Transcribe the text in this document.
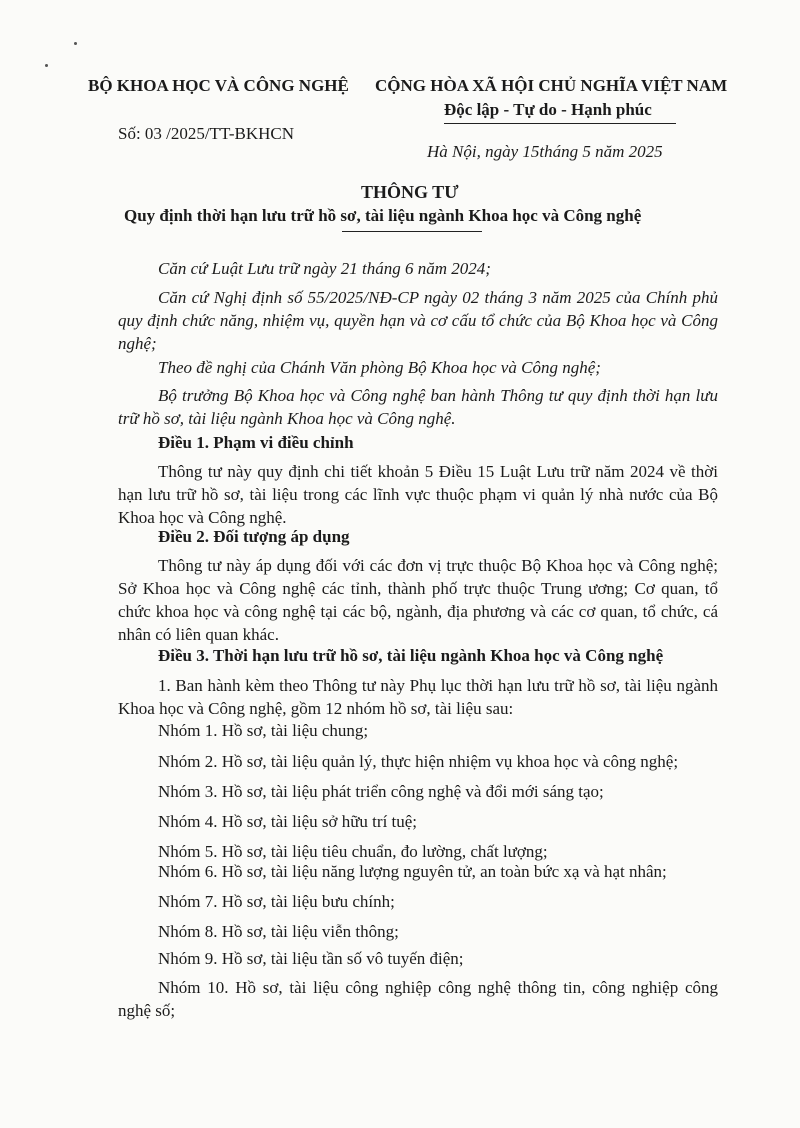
BỘ KHOA HỌC VÀ CÔNG NGHỆ CỘNG HÒA XÃ HỘI CHỦ NGHĨA VIỆT NAM
Độc lập - Tự do - Hạnh phúc
Số: 03 /2025/TT-BKHCN
Hà Nội, ngày 15tháng 5 năm 2025
THÔNG TƯ
Quy định thời hạn lưu trữ hồ sơ, tài liệu ngành Khoa học và Công nghệ
Căn cứ Luật Lưu trữ ngày 21 tháng 6 năm 2024;
Căn cứ Nghị định số 55/2025/NĐ-CP ngày 02 tháng 3 năm 2025 của Chính phủ quy định chức năng, nhiệm vụ, quyền hạn và cơ cấu tổ chức của Bộ Khoa học và Công nghệ;
Theo đề nghị của Chánh Văn phòng Bộ Khoa học và Công nghệ;
Bộ trưởng Bộ Khoa học và Công nghệ ban hành Thông tư quy định thời hạn lưu trữ hồ sơ, tài liệu ngành Khoa học và Công nghệ.
Điều 1. Phạm vi điều chỉnh
Thông tư này quy định chi tiết khoản 5 Điều 15 Luật Lưu trữ năm 2024 về thời hạn lưu trữ hồ sơ, tài liệu trong các lĩnh vực thuộc phạm vi quản lý nhà nước của Bộ Khoa học và Công nghệ.
Điều 2. Đối tượng áp dụng
Thông tư này áp dụng đối với các đơn vị trực thuộc Bộ Khoa học và Công nghệ; Sở Khoa học và Công nghệ các tỉnh, thành phố trực thuộc Trung ương; Cơ quan, tổ chức khoa học và công nghệ tại các bộ, ngành, địa phương và các cơ quan, tổ chức, cá nhân có liên quan khác.
Điều 3. Thời hạn lưu trữ hồ sơ, tài liệu ngành Khoa học và Công nghệ
1. Ban hành kèm theo Thông tư này Phụ lục thời hạn lưu trữ hồ sơ, tài liệu ngành Khoa học và Công nghệ, gồm 12 nhóm hồ sơ, tài liệu sau:
Nhóm 1. Hồ sơ, tài liệu chung;
Nhóm 2. Hồ sơ, tài liệu quản lý, thực hiện nhiệm vụ khoa học và công nghệ;
Nhóm 3. Hồ sơ, tài liệu phát triển công nghệ và đổi mới sáng tạo;
Nhóm 4. Hồ sơ, tài liệu sở hữu trí tuệ;
Nhóm 5. Hồ sơ, tài liệu tiêu chuẩn, đo lường, chất lượng;
Nhóm 6. Hồ sơ, tài liệu năng lượng nguyên tử, an toàn bức xạ và hạt nhân;
Nhóm 7. Hồ sơ, tài liệu bưu chính;
Nhóm 8. Hồ sơ, tài liệu viễn thông;
Nhóm 9. Hồ sơ, tài liệu tần số vô tuyến điện;
Nhóm 10. Hồ sơ, tài liệu công nghiệp công nghệ thông tin, công nghiệp công nghệ số;
